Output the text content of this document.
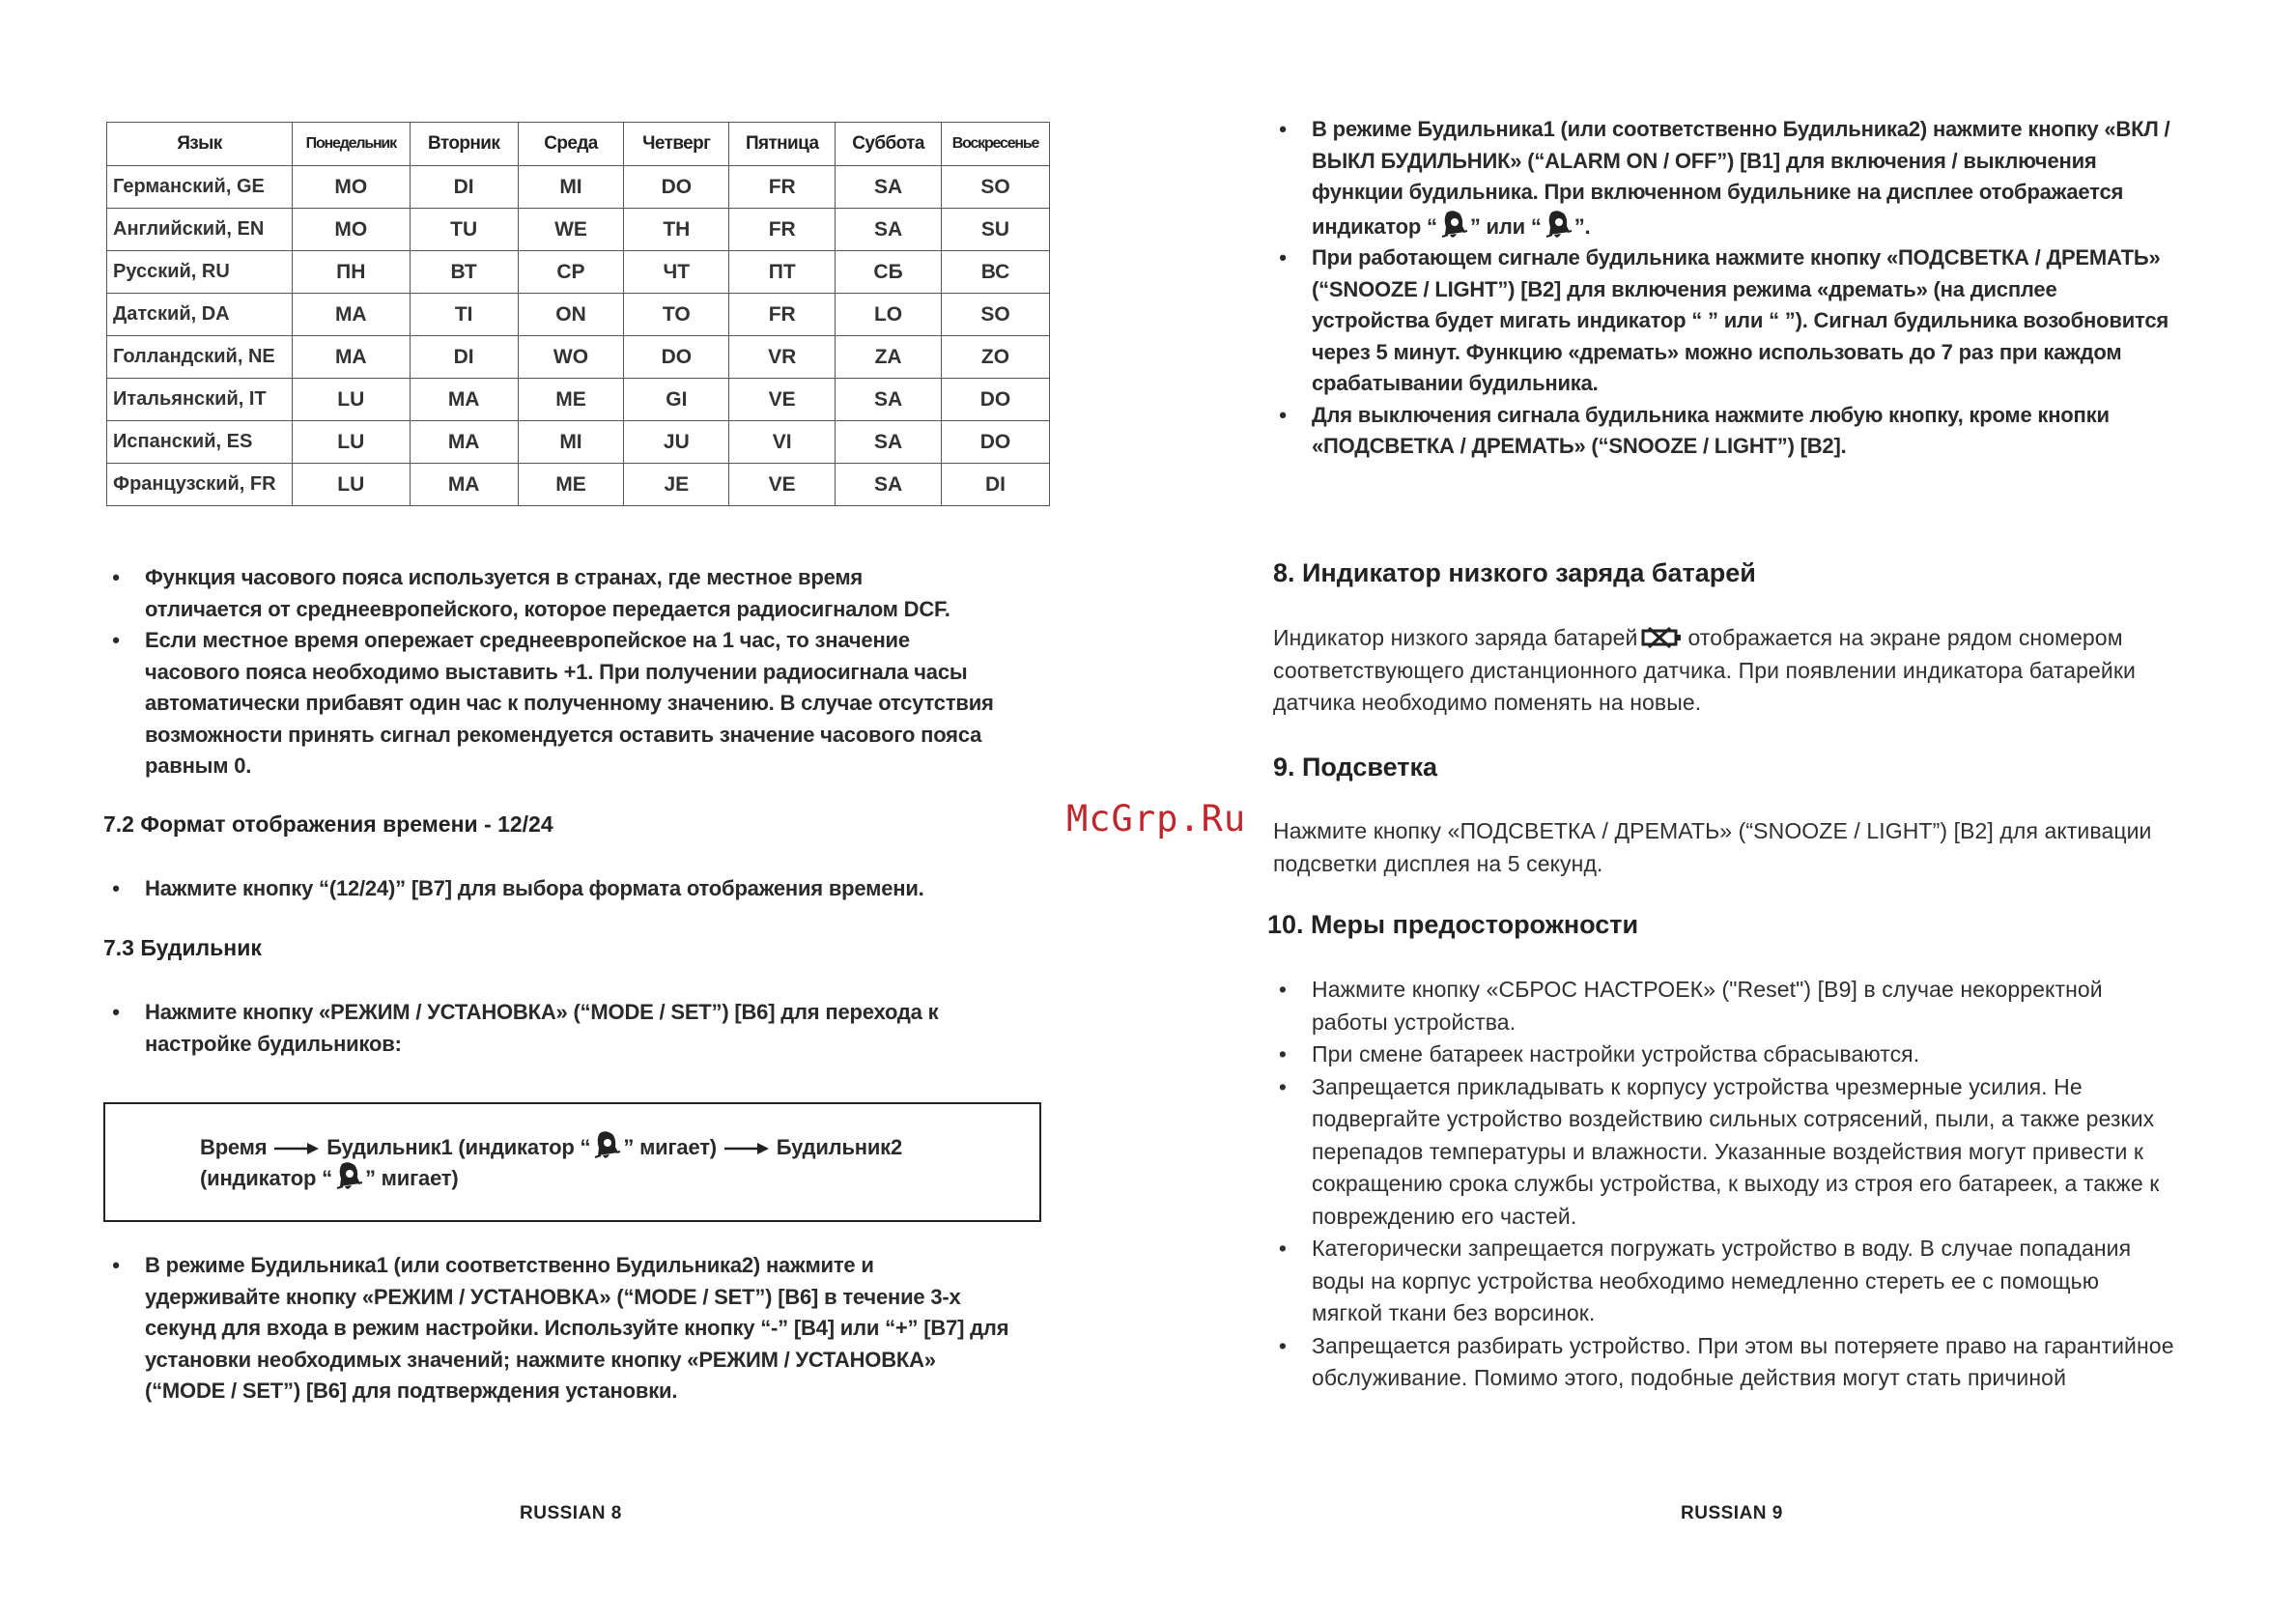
Язык	Понедельник	Вторник	Среда	Четверг	Пятница	Суббота	Воскресенье
Германский, GE	MO	DI	MI	DO	FR	SA	SO
Английский, EN	MO	TU	WE	TH	FR	SA	SU
Русский, RU	ПН	ВТ	СР	ЧТ	ПТ	СБ	ВС
Датский, DA	MA	TI	ON	TO	FR	LO	SO
Голландский, NE	MA	DI	WO	DO	VR	ZA	ZO
Итальянский, IT	LU	MA	ME	GI	VE	SA	DO
Испанский, ES	LU	MA	MI	JU	VI	SA	DO
Французский, FR	LU	MA	ME	JE	VE	SA	DI
• Функция часового пояса используется в странах, где местное время
отличается от среднеевропейского, которое передается радиосигналом DCF.
• Если местное время опережает среднеевропейское на 1 час, то значение
часового пояса необходимо выставить +1. При получении радиосигнала часы
автоматически прибавят один час к полученному значению. В случае отсутствия
возможности принять сигнал рекомендуется оставить значение часового пояса
равным 0.
7.2 Формат отображения времени - 12/24
• Нажмите кнопку “(12/24)” [B7] для выбора формата отображения времени.
7.3 Будильник
• Нажмите кнопку «РЕЖИМ / УСТАНОВКА» (“MODE / SET”) [B6] для перехода к
настройке будильников:
Время	Будильник1 (индикатор “ ” мигает)	Будильник2
(индикатор “ ” мигает)
• В режиме Будильника1 (или соответственно Будильника2) нажмите и
удерживайте кнопку «РЕЖИМ / УСТАНОВКА» (“MODE / SET”) [B6] в течение 3-х
секунд для входа в режим настройки. Используйте кнопку “-” [B4] или “+” [B7] для
установки необходимых значений; нажмите кнопку «РЕЖИМ / УСТАНОВКА»
(“MODE / SET”) [B6] для подтверждения установки.
RUSSIAN 8
• В режиме Будильника1 (или соответственно Будильника2) нажмите кнопку «ВКЛ /
ВЫКЛ БУДИЛЬНИК» (“ALARM ON / OFF”) [B1] для включения / выключения
функции будильника. При включенном будильнике на дисплее отображается
индикатор “ ” или “ ”.
• При работающем сигнале будильника нажмите кнопку «ПОДСВЕТКА / ДРЕМАТЬ»
(“SNOOZE / LIGHT”) [B2] для включения режима «дремать» (на дисплее
устройства будет мигать индикатор “ ” или “ ”). Сигнал будильника возобновится
через 5 минут. Функцию «дремать» можно использовать до 7 раз при каждом
срабатывании будильника.
• Для выключения сигнала будильника нажмите любую кнопку, кроме кнопки
«ПОДСВЕТКА / ДРЕМАТЬ» (“SNOOZE / LIGHT”) [B2].
8. Индикатор низкого заряда батарей
Индикатор низкого заряда батарей отображается на экране рядом снoмером
соответствующего дистанционного датчика. При появлении индикатора батарейки
датчика необходимо поменять на новые.
9. Подсветка
Нажмите кнопку «ПОДСВЕТКА / ДРЕМАТЬ» (“SNOOZE / LIGHT”) [B2] для активации
подсветки дисплея на 5 секунд.
10. Меры предосторожности
• Нажмите кнопку «СБРОС НАСТРОЕК» ("Reset") [B9] в случае некорректной
работы устройства.
• При смене батареек настройки устройства сбрасываются.
• Запрещается прикладывать к корпусу устройства чрезмерные усилия. Не
подвергайте устройство воздействию сильных сотрясений, пыли, а также резких
перепадов температуры и влажности. Указанные воздействия могут привести к
сокращению срока службы устройства, к выходу из строя его батареек, а также к
повреждению его частей.
• Категорически запрещается погружать устройство в воду. В случае попадания
воды на корпус устройства необходимо немедленно стереть ее с помощью
мягкой ткани без ворсинок.
• Запрещается разбирать устройство. При этом вы потеряете право на гарантийное
обслуживание. Помимо этого, подобные действия могут стать причиной
RUSSIAN 9
McGrp.Ru
